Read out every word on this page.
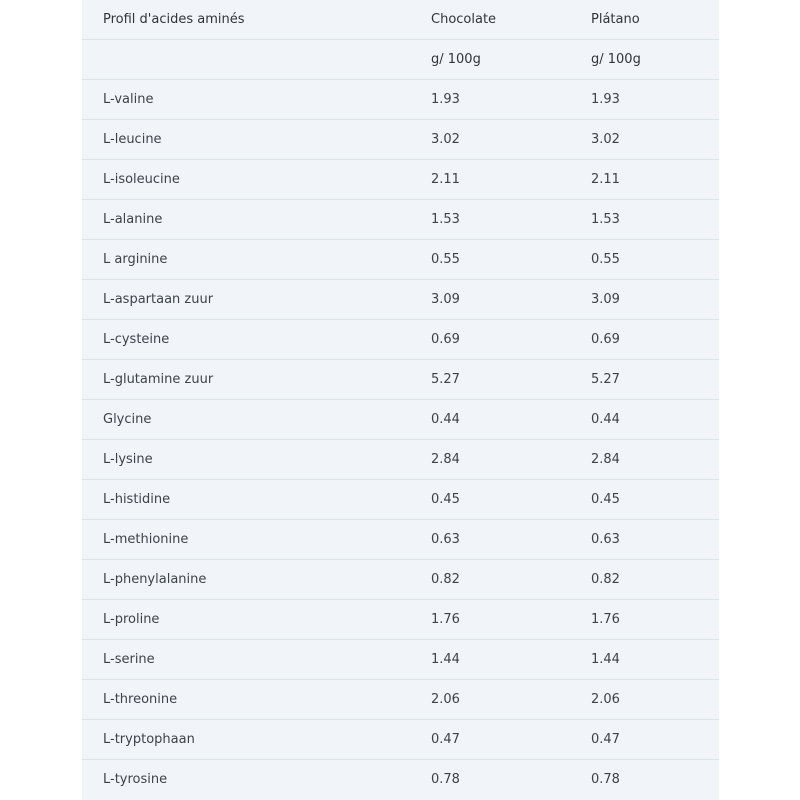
Profil d'acides aminés	Chocolate	Plátano
	g/ 100g	g/ 100g
L-valine	1.93	1.93
L-leucine	3.02	3.02
L-isoleucine	2.11	2.11
L-alanine	1.53	1.53
L arginine	0.55	0.55
L-aspartaan zuur	3.09	3.09
L-cysteine	0.69	0.69
L-glutamine zuur	5.27	5.27
Glycine	0.44	0.44
L-lysine	2.84	2.84
L-histidine	0.45	0.45
L-methionine	0.63	0.63
L-phenylalanine	0.82	0.82
L-proline	1.76	1.76
L-serine	1.44	1.44
L-threonine	2.06	2.06
L-tryptophaan	0.47	0.47
L-tyrosine	0.78	0.78
